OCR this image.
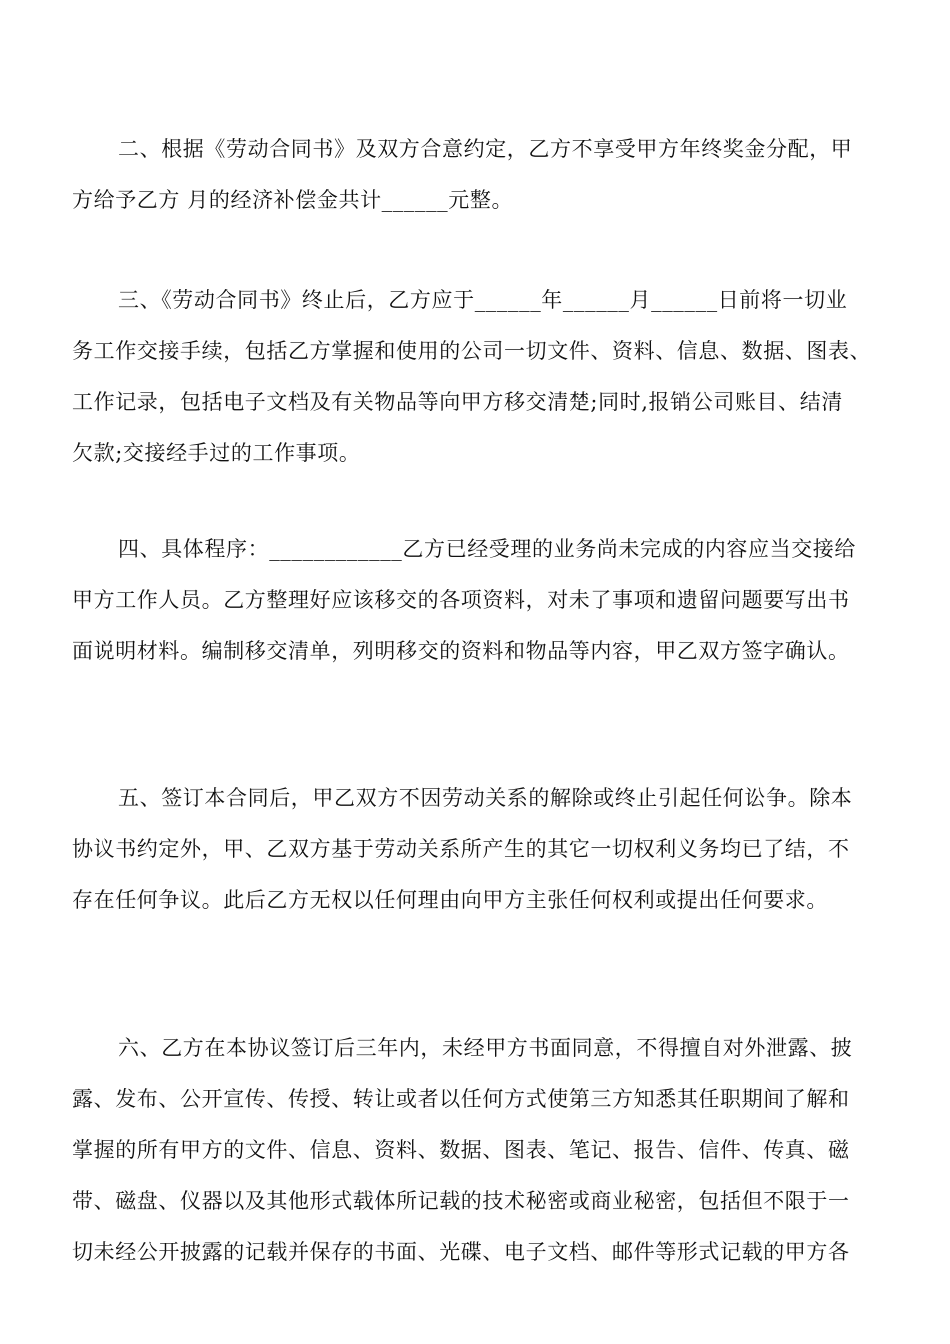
二、根据《劳动合同书》及双方合意约定，乙方不享受甲方年终奖金分配，甲
方给予乙方 月的经济补偿金共计______元整。
三、《劳动合同书》终止后，乙方应于______年______月______日前将一切业
务工作交接手续，包括乙方掌握和使用的公司一切文件、资料、信息、数据、图表、
工作记录，包括电子文档及有关物品等向甲方移交清楚;同时,报销公司账目、结清
欠款;交接经手过的工作事项。
四、具体程序：____________乙方已经受理的业务尚未完成的内容应当交接给
甲方工作人员。乙方整理好应该移交的各项资料，对未了事项和遗留问题要写出书
面说明材料。编制移交清单，列明移交的资料和物品等内容，甲乙双方签字确认。
五、签订本合同后，甲乙双方不因劳动关系的解除或终止引起任何讼争。除本
协议书约定外，甲、乙双方基于劳动关系所产生的其它一切权利义务均已了结，不
存在任何争议。此后乙方无权以任何理由向甲方主张任何权利或提出任何要求。
六、乙方在本协议签订后三年内，未经甲方书面同意，不得擅自对外泄露、披
露、发布、公开宣传、传授、转让或者以任何方式使第三方知悉其任职期间了解和
掌握的所有甲方的文件、信息、资料、数据、图表、笔记、报告、信件、传真、磁
带、磁盘、仪器以及其他形式载体所记载的技术秘密或商业秘密，包括但不限于一
切未经公开披露的记载并保存的书面、光碟、电子文档、邮件等形式记载的甲方各
